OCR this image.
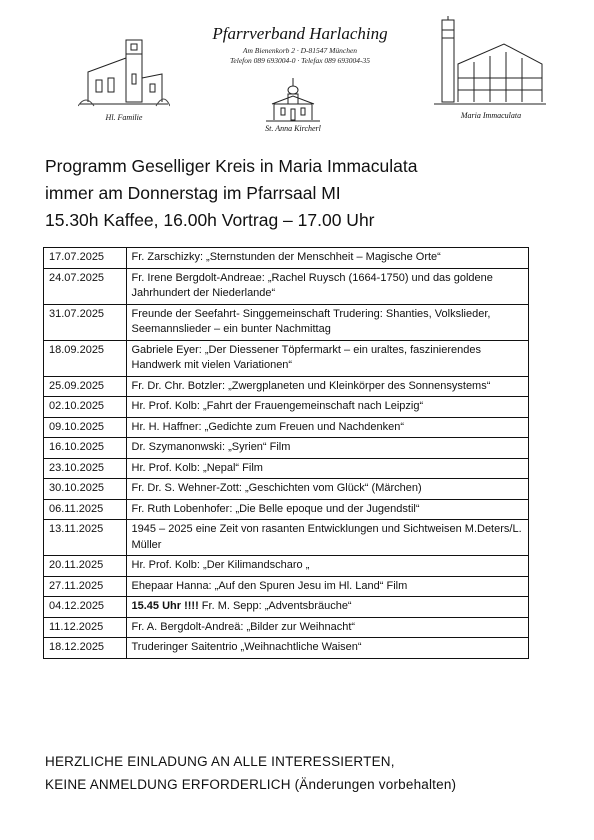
Hl. Familie
Pfarrverband Harlaching
Am Bienenkorb 2 · D-81547 München
Telefon 089 693004-0 · Telefax 089 693004-35
St. Anna Kircherl
Maria Immaculata
Programm Geselliger Kreis in Maria Immaculata
immer am Donnerstag im Pfarrsaal MI
15.30h Kaffee, 16.00h Vortrag – 17.00 Uhr
17.07.2025	Fr. Zarschizky: „Sternstunden der Menschheit – Magische Orte“
24.07.2025	Fr. Irene Bergdolt-Andreae: „Rachel Ruysch (1664-1750) und das goldene Jahrhundert der Niederlande“
31.07.2025	Freunde der Seefahrt- Singgemeinschaft Trudering: Shanties, Volkslieder, Seemannslieder – ein bunter Nachmittag
18.09.2025	Gabriele Eyer: „Der Diessener Töpfermarkt – ein uraltes, faszinierendes Handwerk mit vielen Variationen“
25.09.2025	Fr. Dr. Chr. Botzler: „Zwergplaneten und Kleinkörper des Sonnensystems“
02.10.2025	Hr. Prof. Kolb: „Fahrt der Frauengemeinschaft nach Leipzig“
09.10.2025	Hr. H. Haffner: „Gedichte zum Freuen und Nachdenken“
16.10.2025	Dr. Szymanonwski: „Syrien“ Film
23.10.2025	Hr. Prof. Kolb: „Nepal“ Film
30.10.2025	Fr. Dr. S. Wehner-Zott: „Geschichten vom Glück“ (Märchen)
06.11.2025	Fr. Ruth Lobenhofer: „Die Belle epoque und der Jugendstil“
13.11.2025	1945 – 2025 eine Zeit von rasanten Entwicklungen und Sichtweisen M.Deters/L. Müller
20.11.2025	Hr. Prof. Kolb: „Der Kilimandscharo „
27.11.2025	Ehepaar Hanna: „Auf den Spuren Jesu im Hl. Land“ Film
04.12.2025	15.45 Uhr !!!! Fr. M. Sepp: „Adventsbräuche“
11.12.2025	Fr. A. Bergdolt-Andreä: „Bilder zur Weihnacht“
18.12.2025	Truderinger Saitentrio „Weihnachtliche Waisen“
HERZLICHE EINLADUNG AN ALLE INTERESSIERTEN,
KEINE ANMELDUNG ERFORDERLICH (Änderungen vorbehalten)
